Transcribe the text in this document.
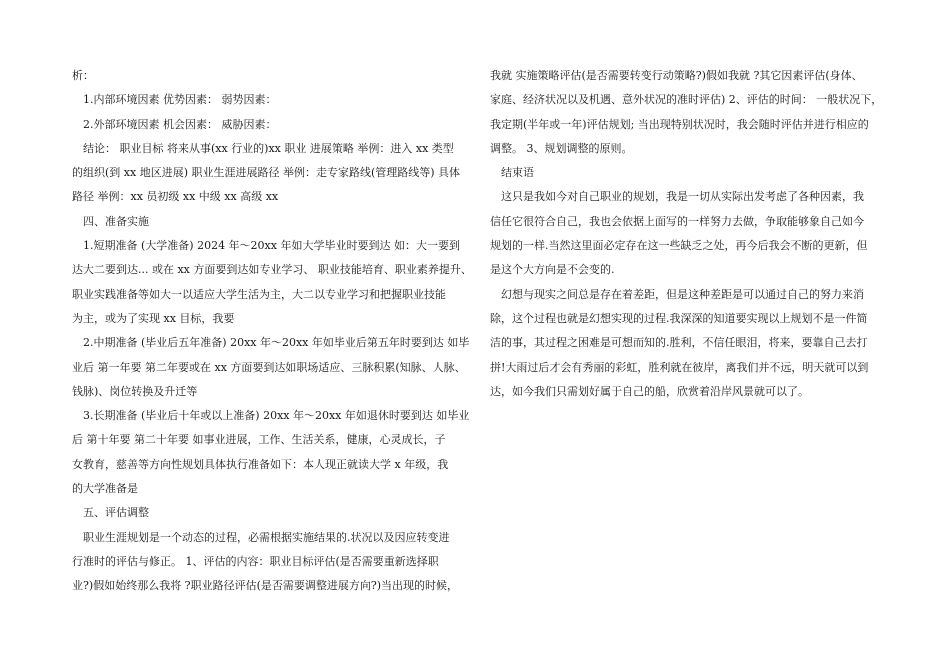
析：
　1.内部环境因素 优势因素： 弱势因素：
　2.外部环境因素 机会因素： 威胁因素：
　结论： 职业目标 将来从事(xx 行业的)xx 职业 进展策略 举例：进入 xx 类型
的组织(到 xx 地区进展) 职业生涯进展路径 举例：走专家路线(管理路线等) 具体
路径 举例：xx 员初级 xx 中级 xx 高级 xx
　四、准备实施
　1.短期准备 (大学准备) 2024 年～20xx 年如大学毕业时要到达 如：大一要到
达大二要到达... 或在 xx 方面要到达如专业学习、 职业技能培育、职业素养提升、
职业实践准备等如大一以适应大学生活为主，大二以专业学习和把握职业技能
为主，或为了实现 xx 目标，我要
　2.中期准备 (毕业后五年准备) 20xx 年～20xx 年如毕业后第五年时要到达 如毕
业后 第一年要 第二年要或在 xx 方面要到达如职场适应、三脉积累(知脉、人脉、
钱脉)、岗位转换及升迁等
　3.长期准备 (毕业后十年或以上准备) 20xx 年～20xx 年如退休时要到达 如毕业
后 第十年要 第二十年要 如事业进展，工作、生活关系，健康，心灵成长，子
女教育，慈善等方向性规划具体执行准备如下：本人现正就读大学 x 年级，我
的大学准备是
　五、评估调整
　职业生涯规划是一个动态的过程，必需根据实施结果的.状况以及因应转变进
行准时的评估与修正。 1、评估的内容：职业目标评估(是否需要重新选择职
业?)假如始终那么我将 ?职业路径评估(是否需要调整进展方向?)当出现的时候，
我就 实施策略评估(是否需要转变行动策略?)假如我就 ?其它因素评估(身体、
家庭、经济状况以及机遇、意外状况的准时评估) 2、评估的时间： 一般状况下，
我定期(半年或一年)评估规划; 当出现特别状况时，我会随时评估并进行相应的
调整。 3、规划调整的原则。
　结束语
　这只是我如今对自己职业的规划，我是一切从实际出发考虑了各种因素，我
信任它很符合自己，我也会依据上面写的一样努力去做，争取能够象自己如今
规划的一样.当然这里面必定存在这一些缺乏之处，再今后我会不断的更新，但
是这个大方向是不会变的.
　幻想与现实之间总是存在着差距，但是这种差距是可以通过自己的努力来消
除，这个过程也就是幻想实现的过程.我深深的知道要实现以上规划不是一件简
洁的事，其过程之困难是可想而知的.胜利，不信任眼泪，将来，要靠自己去打
拼!大雨过后才会有秀丽的彩虹，胜利就在彼岸，离我们并不远，明天就可以到
达，如今我们只需划好属于自己的船，欣赏着沿岸风景就可以了。
